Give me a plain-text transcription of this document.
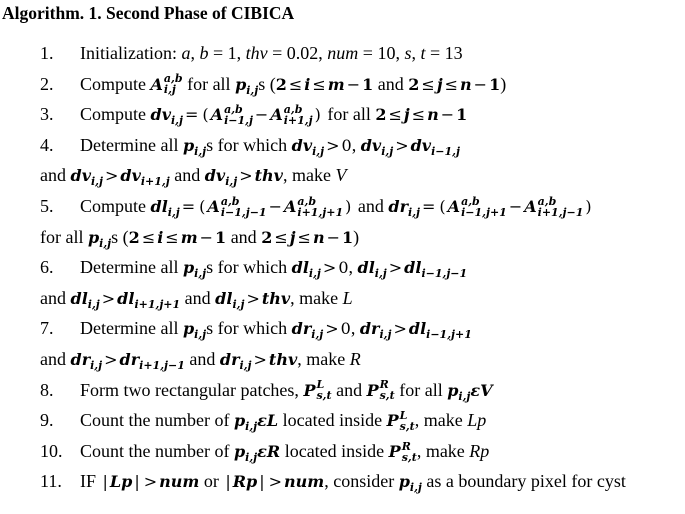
Algorithm. 1. Second Phase of CIBICA
1. Initialization: a, b = 1, thv = 0.02, num = 10, s, t = 13
2. Compute A a,b
i,j for all $p_{i,j}s$ (2 ≤ i ≤ m − 1 and 2 ≤ j ≤ n − 1)
3. Compute $dv_{i,j}$ = ( A a,b
i−1,j − A a,b
i+1,j ) for all 2 ≤ j ≤ n − 1
4. Determine all $p_{i,j}s$ for which $dv_{i,j} > 0$, $dv_{i,j} > dv_{i-1,j}$
and $dv_{i,j} > dv_{i+1,j}$ and $dv_{i,j}$ > thv, make V
5. Compute $dl_{i,j}$ = ( A a,b
i−1,j−1 − A a,b
i+1,j+1 ) and $dr_{i,j}$ = ( A a,b
i−1,j+1 − A a,b
i+1,j−1 )
for all $p_{i,j}s$ (2 ≤ i ≤ m − 1 and 2 ≤ j ≤ n − 1)
6. Determine all $p_{i,j}s$ for which $dl_{i,j} > 0$, $dl_{i,j} > dl_{i-1,j-1}$
and $dl_{i,j} > dl_{i+1,j+1}$ and $dl_{i,j}$ > thv, make L
7. Determine all $p_{i,j}s$ for which $dr_{i,j} > 0$, $dr_{i,j} > dl_{i-1,j+1}$
and $dr_{i,j} > dr_{i+1,j-1}$ and $dr_{i,j}$ > thv, make R
8. Form two rectangular patches, P L
s,t and P R
s,t for all $p_{i,j}\varepsilon V$
9. Count the number of $p_{i,j}\varepsilon L$ located inside P L
s,t , make Lp
10. Count the number of $p_{i,j}\varepsilon R$ located inside P R
s,t , make Rp
11. IF | Lp | > num or | Rp | > num, consider $p_{i,j}$ as a boundary pixel for cyst
